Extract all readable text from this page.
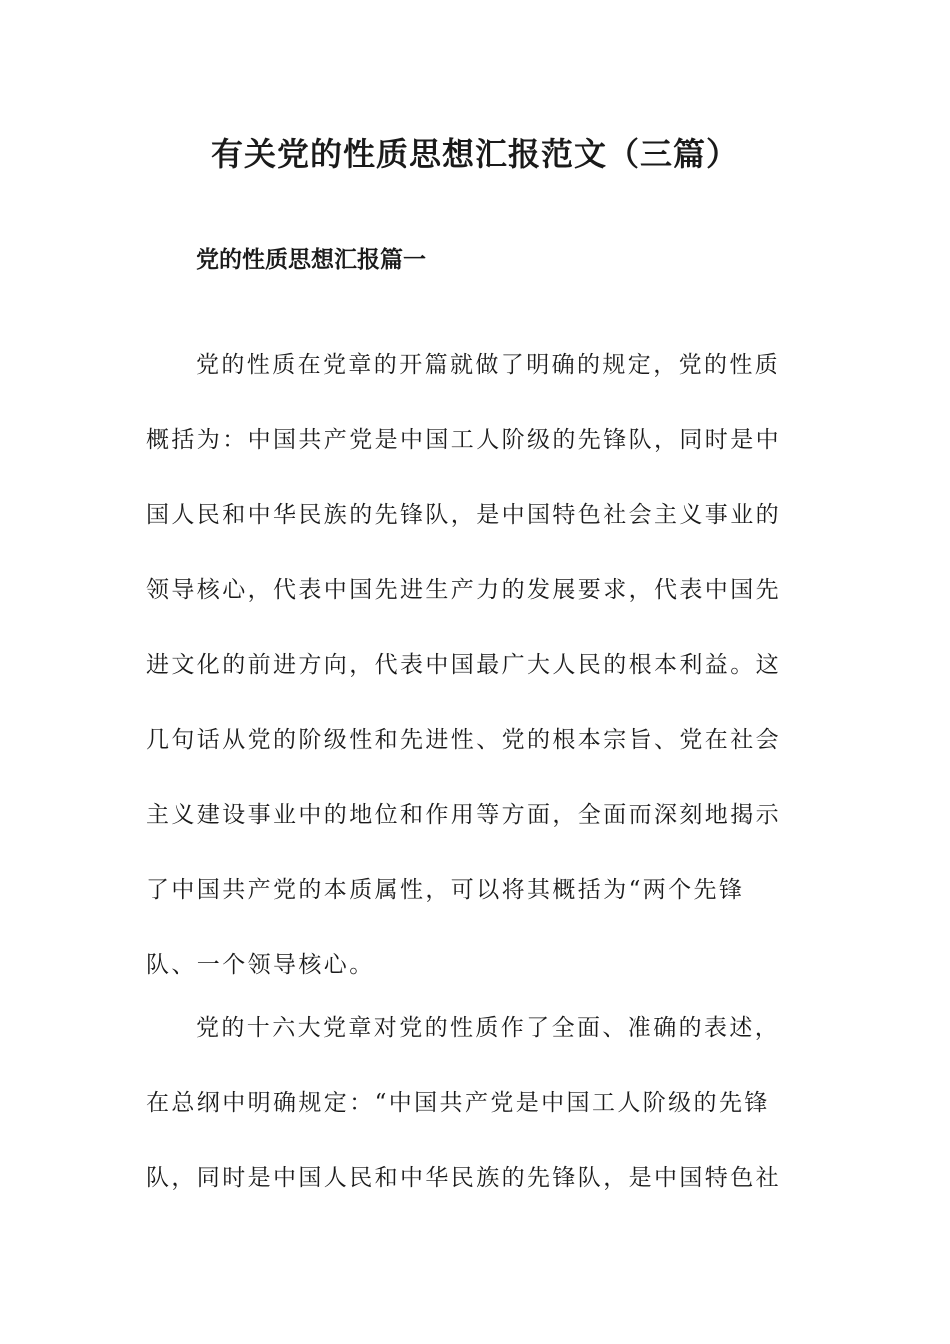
有关党的性质思想汇报范文（三篇）
党的性质思想汇报篇一

党的性质在党章的开篇就做了明确的规定，党的性质

概括为：中国共产党是中国工人阶级的先锋队，同时是中

国人民和中华民族的先锋队，是中国特色社会主义事业的

领导核心，代表中国先进生产力的发展要求，代表中国先

进文化的前进方向，代表中国最广大人民的根本利益。这

几句话从党的阶级性和先进性、党的根本宗旨、党在社会

主义建设事业中的地位和作用等方面，全面而深刻地揭示

了中国共产党的本质属性，可以将其概括为“两个先锋

队、一个领导核心。

党的十六大党章对党的性质作了全面、准确的表述，

在总纲中明确规定：“中国共产党是中国工人阶级的先锋

队，同时是中国人民和中华民族的先锋队，是中国特色社
